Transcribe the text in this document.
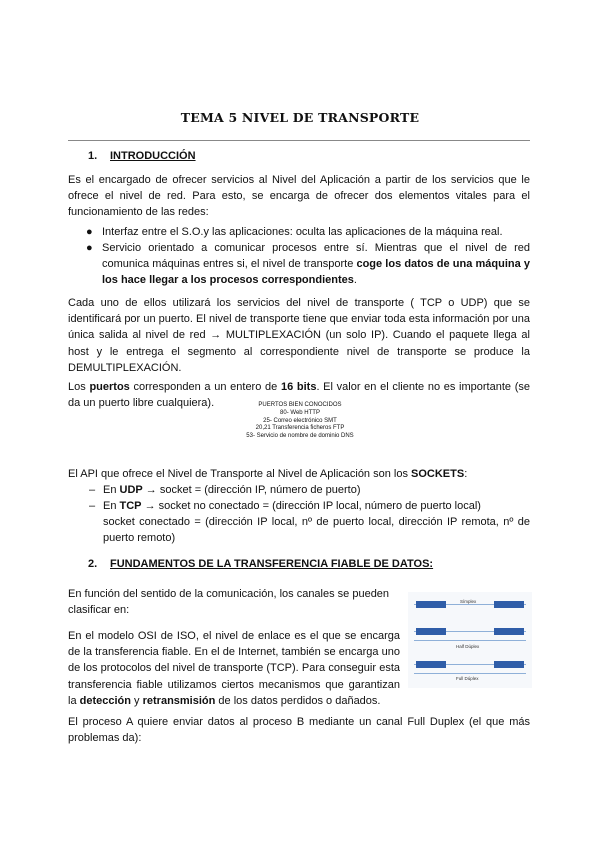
TEMA 5 NIVEL DE TRANSPORTE
1. INTRODUCCIÓN
Es el encargado de ofrecer servicios al Nivel del Aplicación a partir de los servicios que le ofrece el nivel de red. Para esto, se encarga de ofrecer dos elementos vitales para el funcionamiento de las redes:
● Interfaz entre el S.O.y las aplicaciones: oculta las aplicaciones de la máquina real.
● Servicio orientado a comunicar procesos entre sí. Mientras que el nivel de red comunica máquinas entres si, el nivel de transporte coge los datos de una máquina y los hace llegar a los procesos correspondientes.
Cada uno de ellos utilizará los servicios del nivel de transporte ( TCP o UDP) que se identificará por un puerto. El nivel de transporte tiene que enviar toda esta información por una única salida al nivel de red → MULTIPLEXACIÓN (un solo IP). Cuando el paquete llega al host y le entrega el segmento al correspondiente nivel de transporte se produce la DEMULTIPLEXACIÓN.
Los puertos corresponden a un entero de 16 bits. El valor en el cliente no es importante (se da un puerto libre cualquiera).	PUERTOS BIEN CONOCIDOS
80- Web HTTP
25- Correo electrónico SMT
20,21 Transferencia ficheros FTP
53- Servicio de nombre de dominio DNS
El API que ofrece el Nivel de Transporte al Nivel de Aplicación son los SOCKETS:
– En UDP → socket = (dirección IP, número de puerto)
– En TCP → socket no conectado = (dirección IP local, número de puerto local)
socket conectado = (dirección IP local, nº de puerto local, dirección IP remota, nº de puerto remoto)
2. FUNDAMENTOS DE LA TRANSFERENCIA FIABLE DE DATOS:
En función del sentido de la comunicación, los canales se pueden clasificar en:
En el modelo OSI de ISO, el nivel de enlace es el que se encarga de la transferencia fiable. En el de Internet, también se encarga uno de los protocolos del nivel de transporte (TCP). Para conseguir esta transferencia fiable utilizamos ciertos mecanismos que garantizan la detección y retransmisión de los datos perdidos o dañados.
Símplex
Half Dúplex
Full Dúplex
El proceso A quiere enviar datos al proceso B mediante un canal Full Duplex (el que más problemas da):
